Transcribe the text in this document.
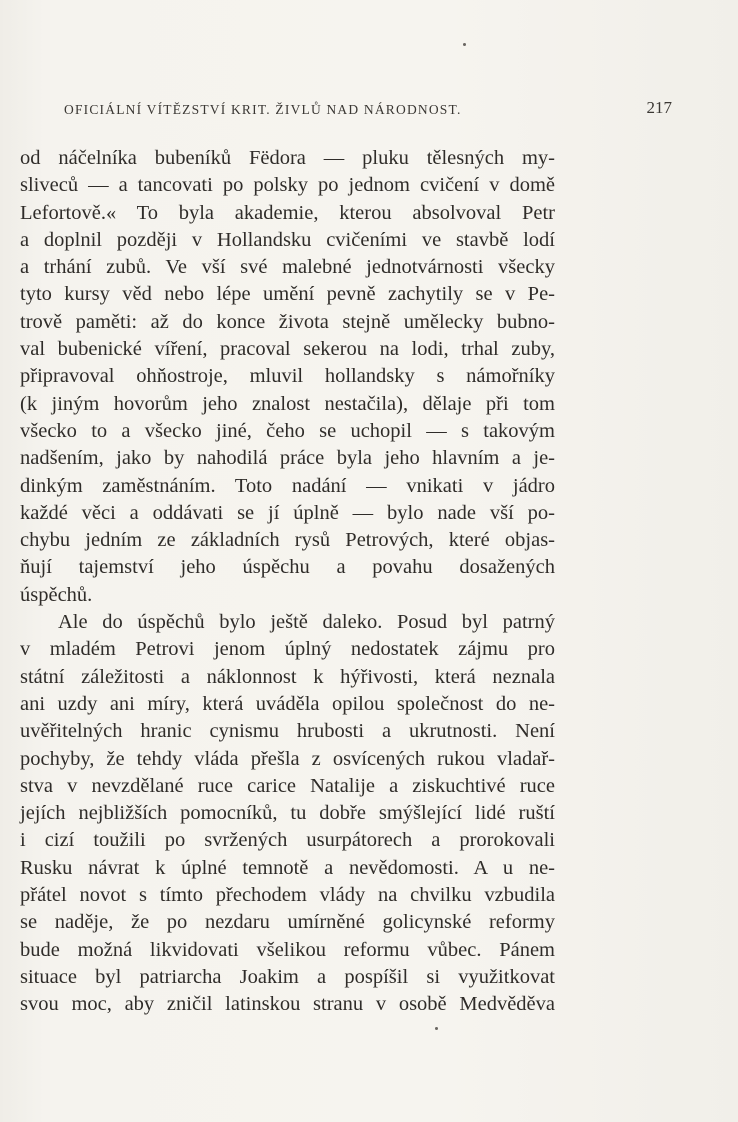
OFICIÁLNÍ VÍTĚZSTVÍ KRIT. ŽIVLŮ NAD NÁRODNOST.	217
od náčelníka bubeníků Fëdora — pluku tělesných my-
sliveců — a tancovati po polsky po jednom cvičení v domě
Lefortově.« To byla akademie, kterou absolvoval Petr
a doplnil později v Hollandsku cvičeními ve stavbě lodí
a trhání zubů. Ve vší své malebné jednotvárnosti všecky
tyto kursy věd nebo lépe umění pevně zachytily se v Pe-
trově paměti: až do konce života stejně umělecky bubno-
val bubenické víření, pracoval sekerou na lodi, trhal zuby,
připravoval ohňostroje, mluvil hollandsky s námořníky
(k jiným hovorům jeho znalost nestačila), dělaje při tom
všecko to a všecko jiné, čeho se uchopil — s takovým
nadšením, jako by nahodilá práce byla jeho hlavním a je-
dinkým zaměstnáním. Toto nadání — vnikati v jádro
každé věci a oddávati se jí úplně — bylo nade vší po-
chybu jedním ze základních rysů Petrových, které objas-
ňují tajemství jeho úspěchu a povahu dosažených
úspěchů.
Ale do úspěchů bylo ještě daleko. Posud byl patrný
v mladém Petrovi jenom úplný nedostatek zájmu pro
státní záležitosti a náklonnost k hýřivosti, která neznala
ani uzdy ani míry, která uváděla opilou společnost do ne-
uvěřitelných hranic cynismu hrubosti a ukrutnosti. Není
pochyby, že tehdy vláda přešla z osvícených rukou vladař-
stva v nevzdělané ruce carice Natalije a ziskuchtivé ruce
jejích nejbližších pomocníků, tu dobře smýšlející lidé ruští
i cizí toužili po svržených usurpátorech a prorokovali
Rusku návrat k úplné temnotě a nevědomosti. A u ne-
přátel novot s tímto přechodem vlády na chvilku vzbudila
se naděje, že po nezdaru umírněné golicynské reformy
bude možná likvidovati všelikou reformu vůbec. Pánem
situace byl patriarcha Joakim a pospíšil si využitkovat
svou moc, aby zničil latinskou stranu v osobě Medvěděva
